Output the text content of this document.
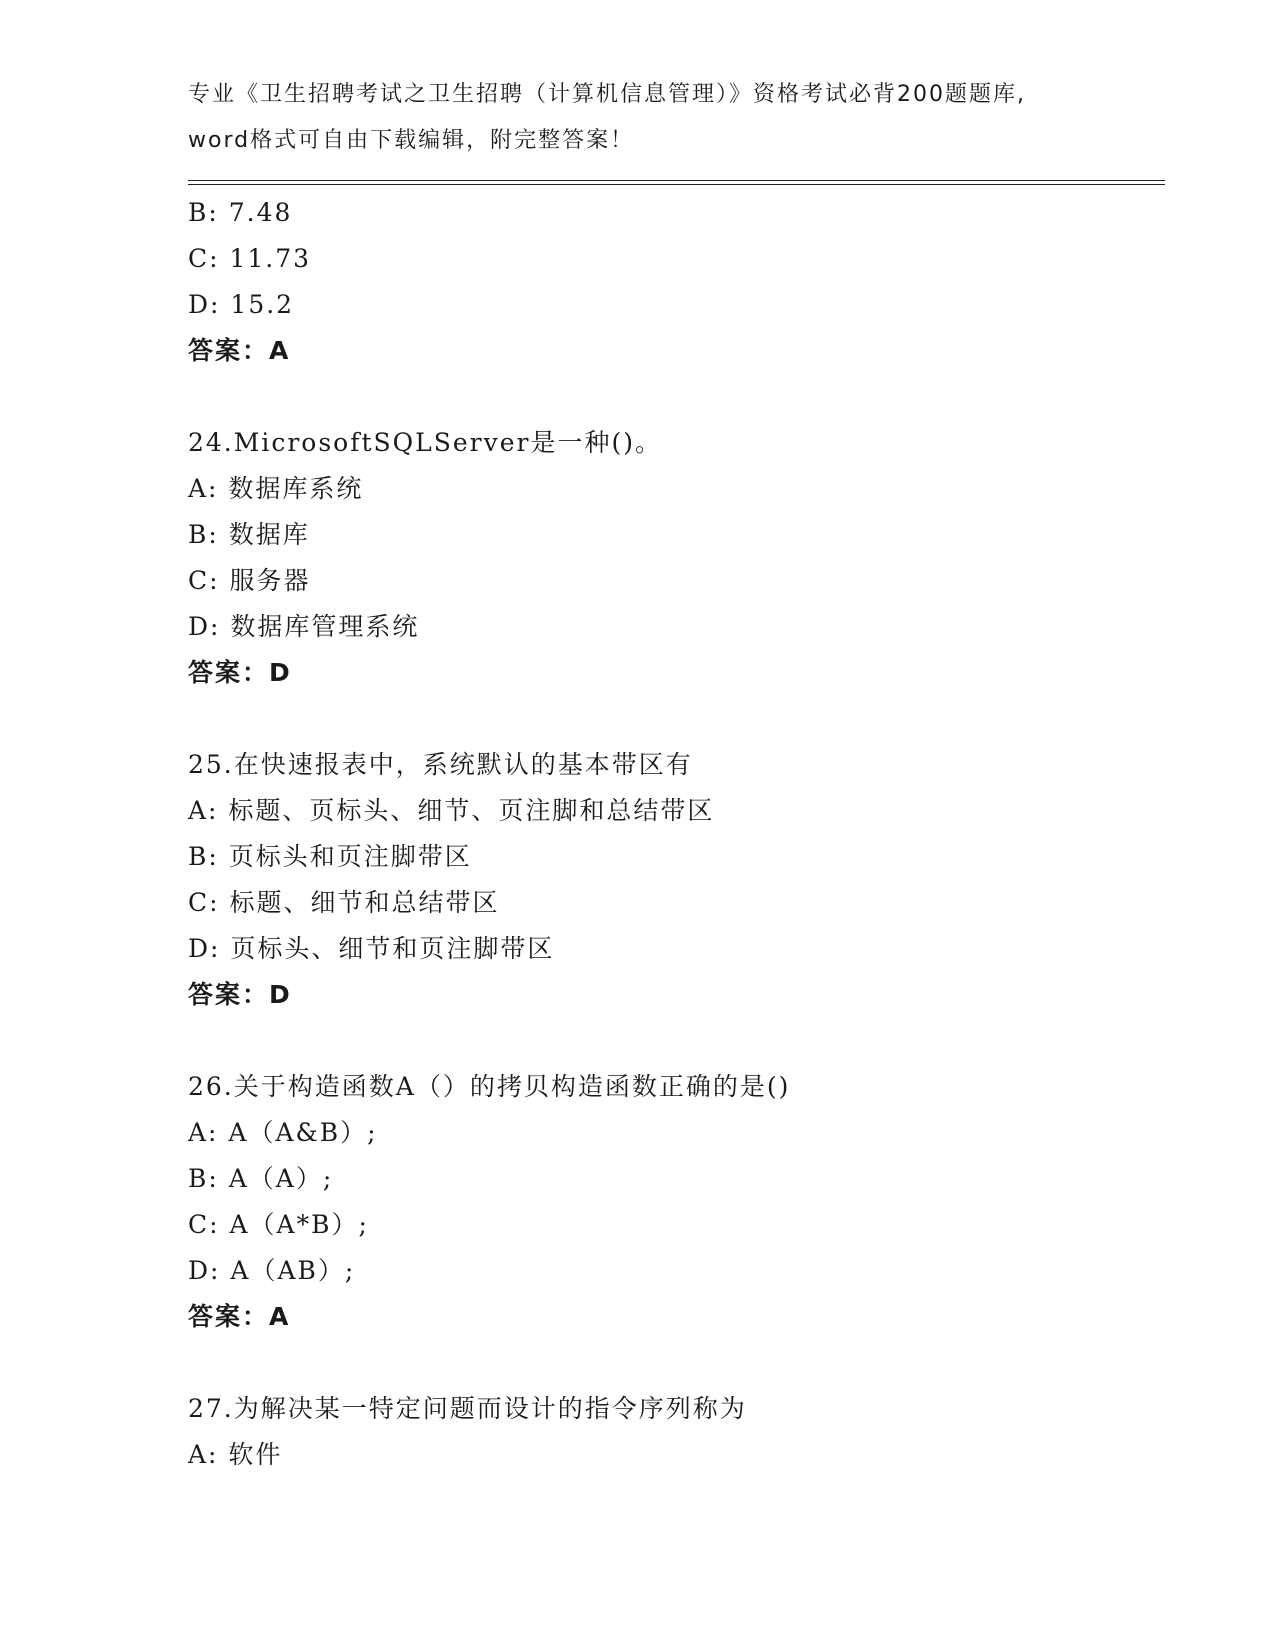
专业《卫生招聘考试之卫生招聘（计算机信息管理）》资格考试必背200题题库,
word格式可自由下载编辑，附完整答案！
B: 7.48
C: 11.73
D: 15.2
答案：A
24.MicrosoftSQLServer是一种()。
A: 数据库系统
B: 数据库
C: 服务器
D: 数据库管理系统
答案：D
25.在快速报表中，系统默认的基本带区有
A: 标题、页标头、细节、页注脚和总结带区
B: 页标头和页注脚带区
C: 标题、细节和总结带区
D: 页标头、细节和页注脚带区
答案：D
26.关于构造函数A（）的拷贝构造函数正确的是()
A: A（A&B）;
B: A（A）;
C: A（A*B）;
D: A（AB）;
答案：A
27.为解决某一特定问题而设计的指令序列称为
A: 软件
